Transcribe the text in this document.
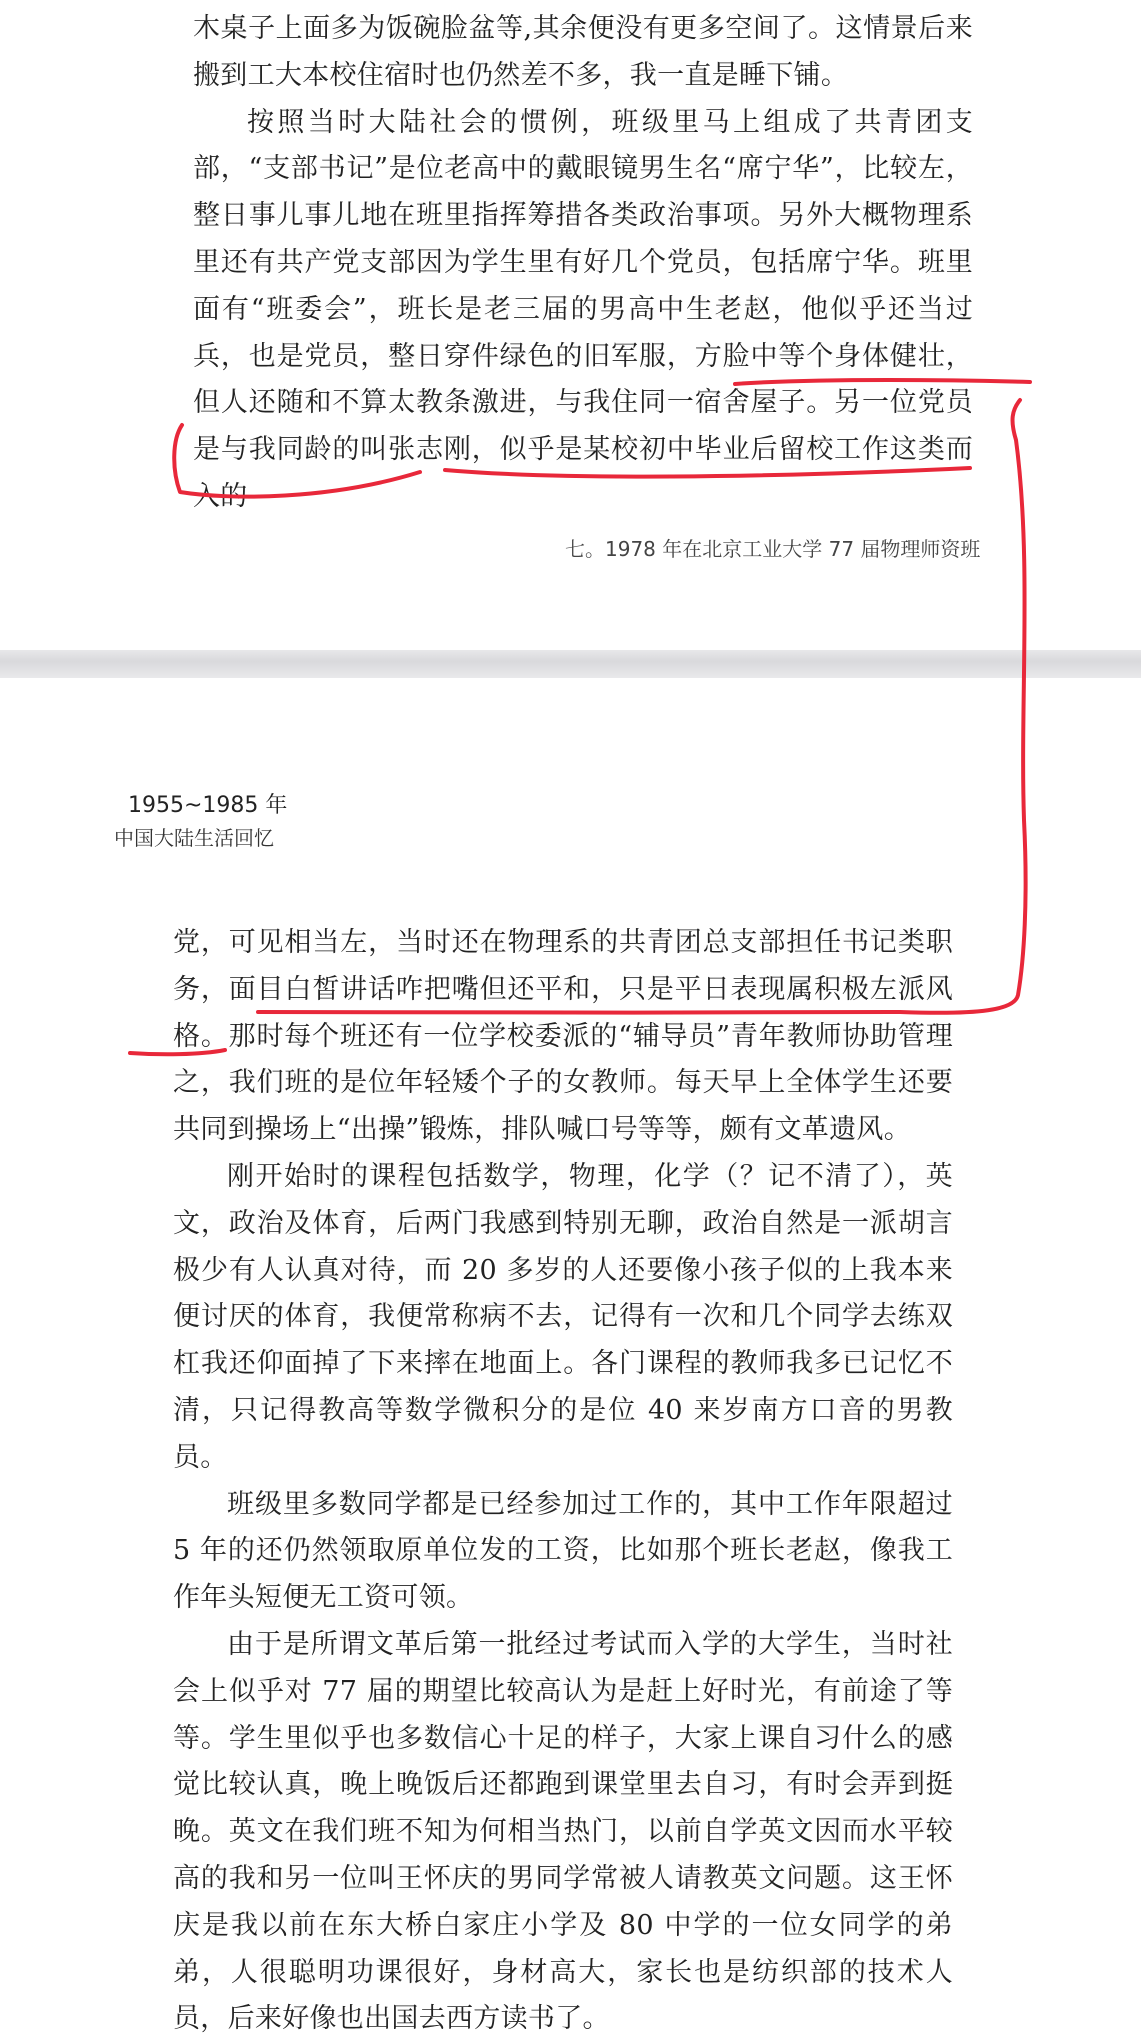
木桌子上面多为饭碗脸盆等,其余便没有更多空间了。这情景后来搬到工大本校住宿时也仍然差不多，我一直是睡下铺。

按照当时大陆社会的惯例，班级里马上组成了共青团支部，“支部书记”是位老高中的戴眼镜男生名“席宁华”，比较左，整日事儿事儿地在班里指挥筹措各类政治事项。另外大概物理系里还有共产党支部因为学生里有好几个党员，包括席宁华。班里面有“班委会”，班长是老三届的男高中生老赵，他似乎还当过兵，也是党员，整日穿件绿色的旧军服，方脸中等个身体健壮，但人还随和不算太教条激进，与我住同一宿舍屋子。另一位党员是与我同龄的叫张志刚，似乎是某校初中毕业后留校工作这类而入的

七。1978 年在北京工业大学 77 届物理师资班
1955~1985 年
中国大陆生活回忆

党，可见相当左，当时还在物理系的共青团总支部担任书记类职务，面目白皙讲话咋把嘴但还平和，只是平日表现属积极左派风格。那时每个班还有一位学校委派的“辅导员”青年教师协助管理之，我们班的是位年轻矮个子的女教师。每天早上全体学生还要共同到操场上“出操”锻炼，排队喊口号等等，颇有文革遗风。

刚开始时的课程包括数学，物理，化学（？记不清了），英文，政治及体育，后两门我感到特别无聊，政治自然是一派胡言极少有人认真对待，而 20 多岁的人还要像小孩子似的上我本来便讨厌的体育，我便常称病不去，记得有一次和几个同学去练双杠我还仰面掉了下来摔在地面上。各门课程的教师我多已记忆不清，只记得教高等数学微积分的是位 40 来岁南方口音的男教员。

班级里多数同学都是已经参加过工作的，其中工作年限超过 5 年的还仍然领取原单位发的工资，比如那个班长老赵，像我工作年头短便无工资可领。

由于是所谓文革后第一批经过考试而入学的大学生，当时社会上似乎对 77 届的期望比较高认为是赶上好时光，有前途了等等。学生里似乎也多数信心十足的样子，大家上课自习什么的感觉比较认真，晚上晚饭后还都跑到课堂里去自习，有时会弄到挺晚。英文在我们班不知为何相当热门，以前自学英文因而水平较高的我和另一位叫王怀庆的男同学常被人请教英文问题。这王怀庆是我以前在东大桥白家庄小学及 80 中学的一位女同学的弟弟，人很聪明功课很好，身材高大，家长也是纺织部的技术人员，后来好像也出国去西方读书了。
